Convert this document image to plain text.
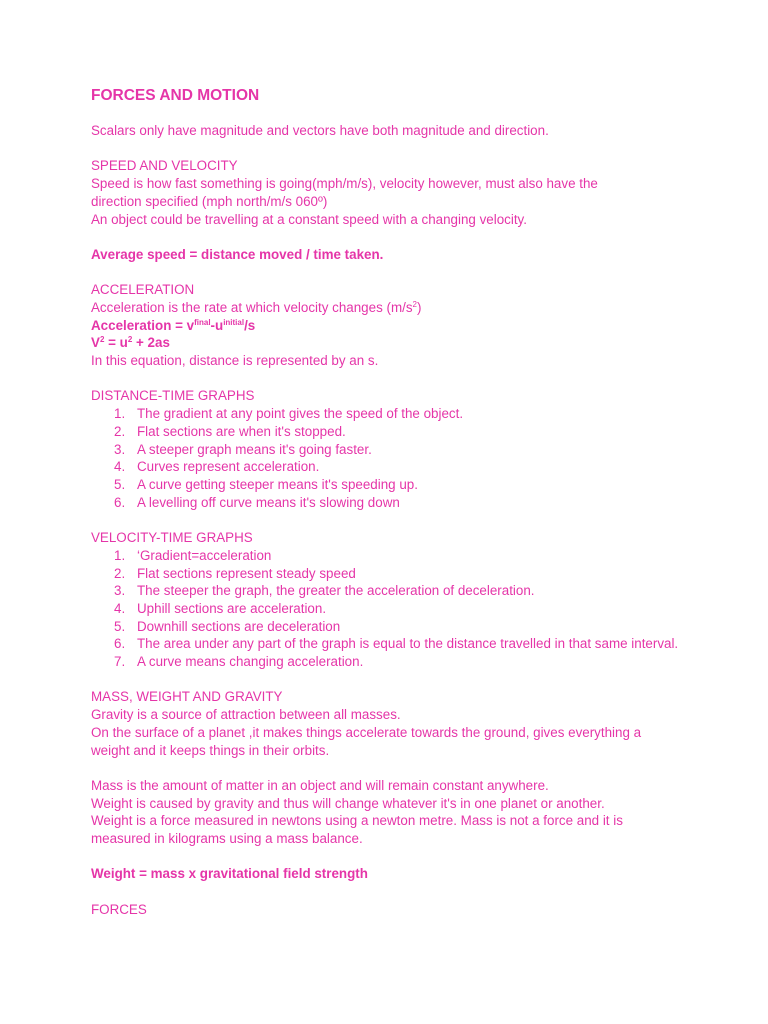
FORCES AND MOTION

Scalars only have magnitude and vectors have both magnitude and direction.

SPEED AND VELOCITY

Speed is how fast something is going(mph/m/s), velocity however, must also have the

direction specified (mph north/m/s 060º)

An object could be travelling at a constant speed with a changing velocity.

Average speed = distance moved / time taken.

ACCELERATION

Acceleration is the rate at which velocity changes $(m/s^2)$

Acceleration = $v^{final}-u^{initial}/s$

$V^2 = u^2 + 2as$

In this equation, distance is represented by an s.

DISTANCE-TIME GRAPHS

1. The gradient at any point gives the speed of the object.
2. Flat sections are when it's stopped.
3. A steeper graph means it's going faster.
4. Curves represent acceleration.
5. A curve getting steeper means it's speeding up.
6. A levelling off curve means it's slowing down

VELOCITY-TIME GRAPHS

1. ‘Gradient=acceleration
2. Flat sections represent steady speed
3. The steeper the graph, the greater the acceleration of deceleration.
4. Uphill sections are acceleration.
5. Downhill sections are deceleration
6. The area under any part of the graph is equal to the distance travelled in that same interval.
7. A curve means changing acceleration.

MASS, WEIGHT AND GRAVITY

Gravity is a source of attraction between all masses.

On the surface of a planet ,it makes things accelerate towards the ground, gives everything a

weight and it keeps things in their orbits.

Mass is the amount of matter in an object and will remain constant anywhere.

Weight is caused by gravity and thus will change whatever it's in one planet or another.

Weight is a force measured in newtons using a newton metre. Mass is not a force and it is

measured in kilograms using a mass balance.

Weight = mass x gravitational field strength

FORCES
